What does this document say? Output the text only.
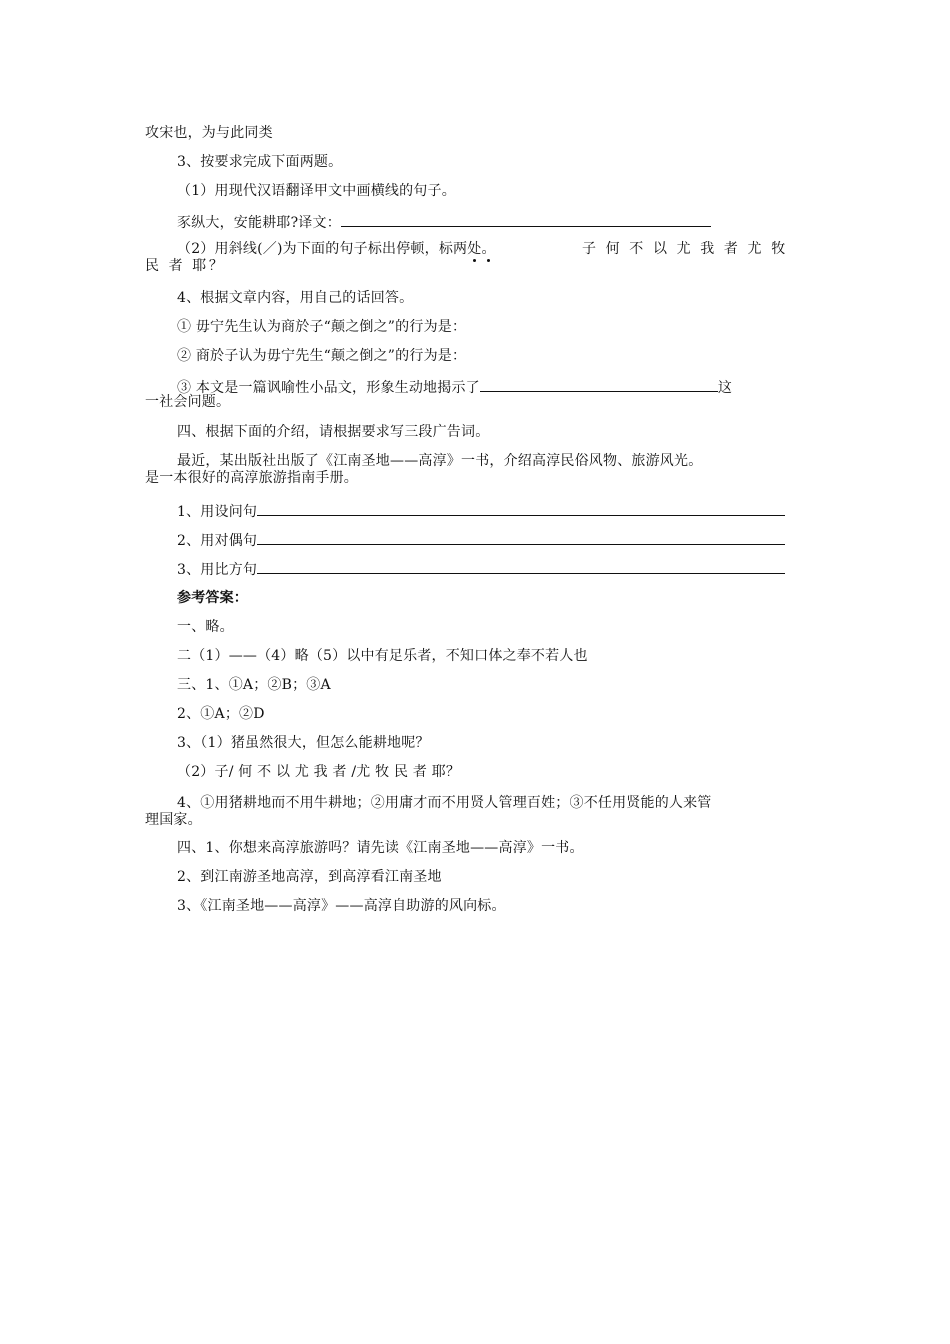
攻宋也，为与此同类
3、按要求完成下面两题。
（1）用现代汉语翻译甲文中画横线的句子。
豕纵大，安能耕耶?译文：
（2）用斜线(／)为下面的句子标出停顿，标两处。	子 何 不 以 尤 我 者 尤 牧
民 者 耶？
4、根据文章内容，用自己的话回答。
① 毋宁先生认为商於子“颠之倒之”的行为是：
② 商於子认为毋宁先生“颠之倒之”的行为是：
③ 本文是一篇讽喻性小品文，形象生动地揭示了	这
一社会问题。
四、根据下面的介绍，请根据要求写三段广告词。
最近，某出版社出版了《江南圣地——高淳》一书，介绍高淳民俗风物、旅游风光。
是一本很好的高淳旅游指南手册。
1、用设问句
2、用对偶句
3、用比方句
参考答案：
一、略。
二（1）——（4）略（5）以中有足乐者，不知口体之奉不若人也
三、1、①A；②B；③A
2、①A；②D
3、（1）猪虽然很大，但怎么能耕地呢？
（2）子/ 何 不 以 尤 我 者 /尤 牧 民 者 耶？
4、①用猪耕地而不用牛耕地；②用庸才而不用贤人管理百姓；③不任用贤能的人来管
理国家。
四、1、你想来高淳旅游吗？请先读《江南圣地——高淳》一书。
2、到江南游圣地高淳，到高淳看江南圣地
3、《江南圣地——高淳》——高淳自助游的风向标。
